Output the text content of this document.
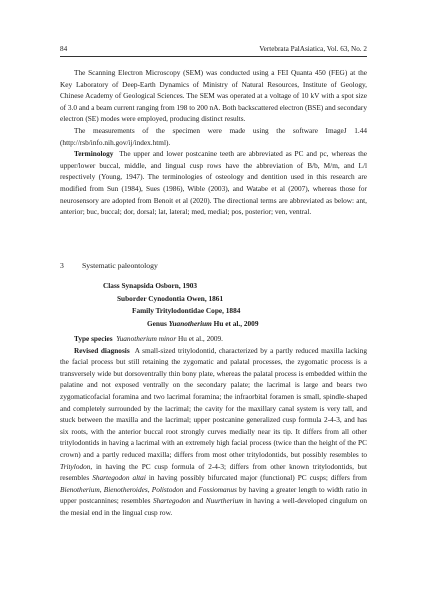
84	Vertebrata PalAsiatica, Vol. 63, No. 2

The Scanning Electron Microscopy (SEM) was conducted using a FEI Quanta 450 (FEG) at the Key Laboratory of Deep-Earth Dynamics of Ministry of Natural Resources, Institute of Geology, Chinese Academy of Geological Sciences. The SEM was operated at a voltage of 10 kV with a spot size of 3.0 and a beam current ranging from 198 to 200 nA. Both backscattered electron (BSE) and secondary electron (SE) modes were employed, producing distinct results.

The measurements of the specimen were made using the software ImageJ 1.44 (http://rsb/info.nih.gov/ij/index.html).

Terminology The upper and lower postcanine teeth are abbreviated as PC and pc, whereas the upper/lower buccal, middle, and lingual cusp rows have the abbreviation of B/b, M/m, and L/l respectively (Young, 1947). The terminologies of osteology and dentition used in this research are modified from Sun (1984), Sues (1986), Wible (2003), and Watabe et al (2007), whereas those for neurosensory are adopted from Benoit et al (2020). The directional terms are abbreviated as below: ant, anterior; buc, buccal; dor, dorsal; lat, lateral; med, medial; pos, posterior; ven, ventral.

3 Systematic paleontology
Class Synapsida Osborn, 1903
Suborder Cynodontia Owen, 1861
Family Tritylodontidae Cope, 1884
Genus Yuanotherium Hu et al., 2009

Type species Yuanotherium minor Hu et al., 2009.

Revised diagnosis A small-sized tritylodontid, characterized by a partly reduced maxilla lacking the facial process but still retaining the zygomatic and palatal processes, the zygomatic process is a transversely wide but dorsoventrally thin bony plate, whereas the palatal process is embedded within the palatine and not exposed ventrally on the secondary palate; the lacrimal is large and bears two zygomaticofacial foramina and two lacrimal foramina; the infraorbital foramen is small, spindle-shaped and completely surrounded by the lacrimal; the cavity for the maxillary canal system is very tall, and stuck between the maxilla and the lacrimal; upper postcanine generalized cusp formula 2-4-3, and has six roots, with the anterior buccal root strongly curves medially near its tip. It differs from all other tritylodontids in having a lacrimal with an extremely high facial process (twice than the height of the PC crown) and a partly reduced maxilla; differs from most other tritylodontids, but possibly resembles to Tritylodon, in having the PC cusp formula of 2-4-3; differs from other known tritylodontids, but resembles Shartegodon altai in having possibly bifurcated major (functional) PC cusps; differs from Bienotherium, Bienotheroides, Polistodon and Fossiomanus by having a greater length to width ratio in upper postcannines; resembles Shartegodon and Nuurtherium in having a well-developed cingulum on the mesial end in the lingual cusp row.
